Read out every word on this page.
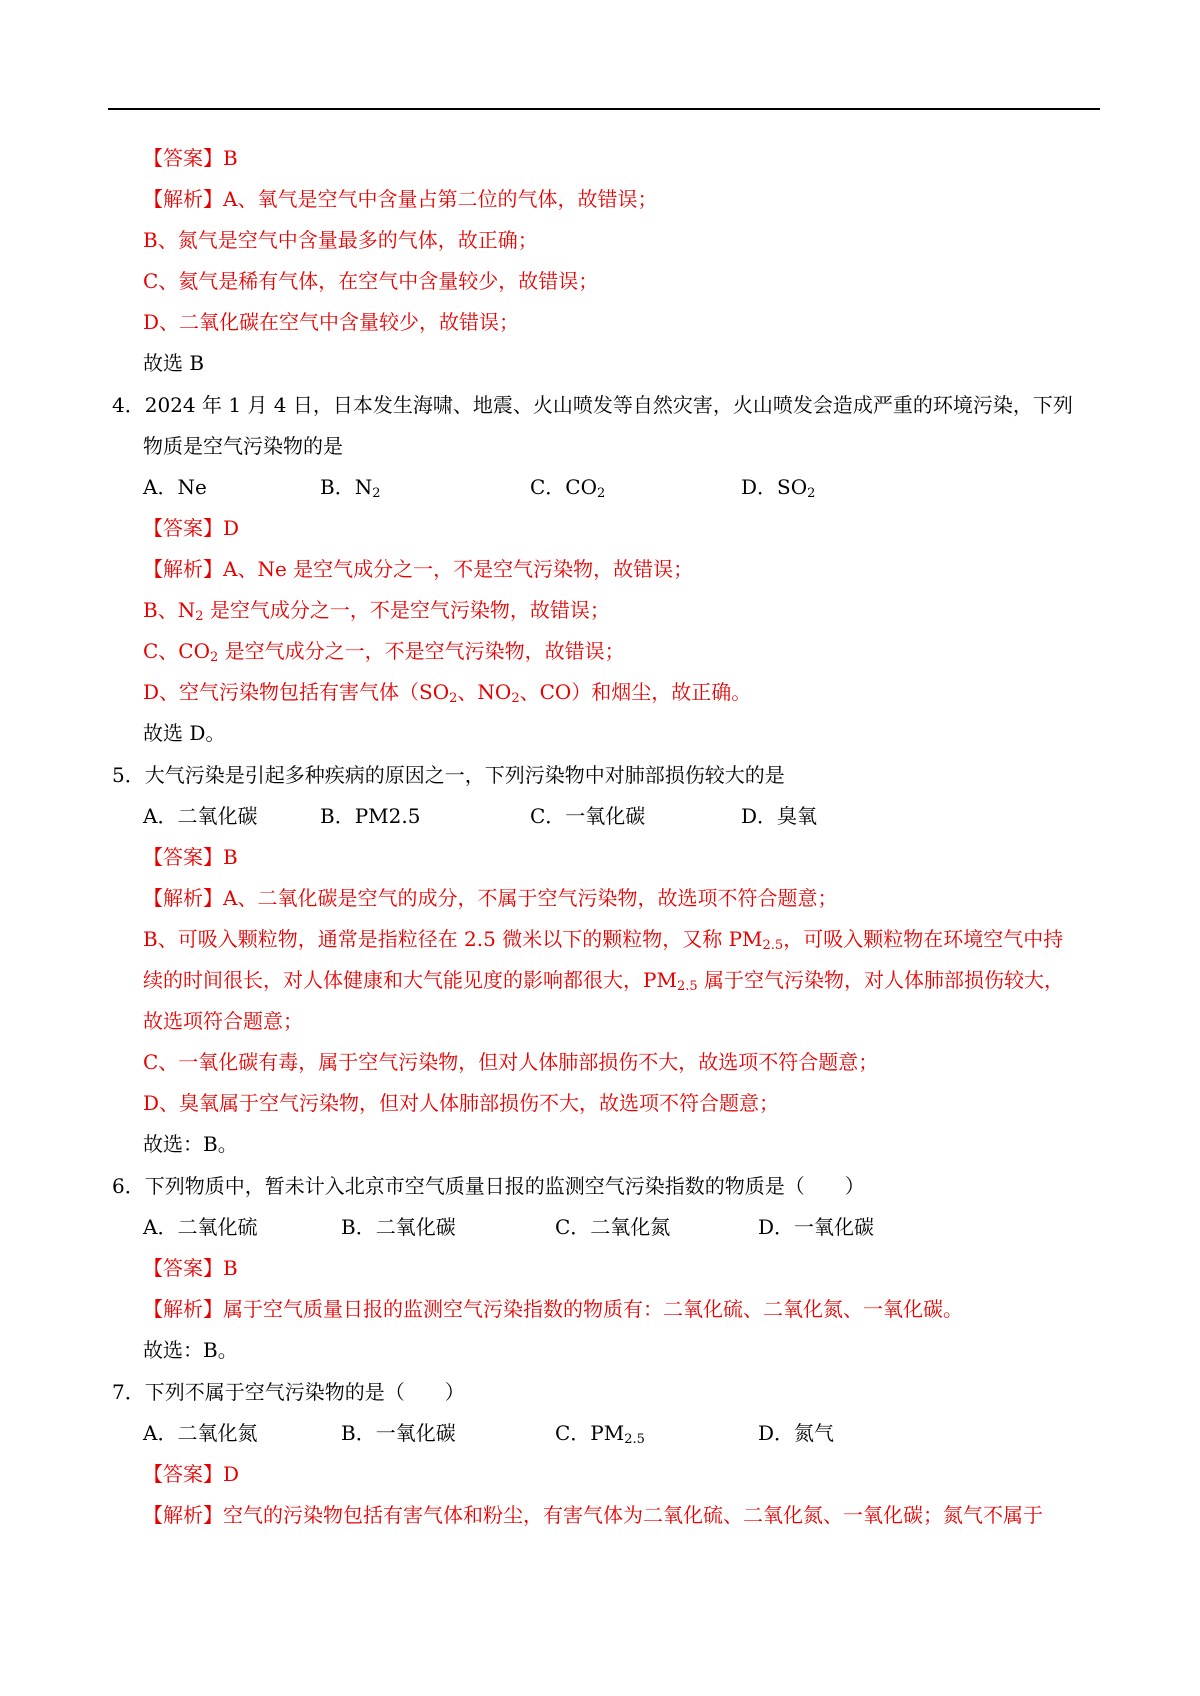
【答案】B
【解析】A、氧气是空气中含量占第二位的气体，故错误；
B、氮气是空气中含量最多的气体，故正确；
C、氦气是稀有气体，在空气中含量较少，故错误；
D、二氧化碳在空气中含量较少，故错误；
故选 B
4．2024 年 1 月 4 日，日本发生海啸、地震、火山喷发等自然灾害，火山喷发会造成严重的环境污染，下列
物质是空气污染物的是
A．Ne	B．$N_2$	C．$CO_2$	D．$SO_2$
【答案】D
【解析】A、Ne 是空气成分之一，不是空气污染物，故错误；
B、$N_2$ 是空气成分之一，不是空气污染物，故错误；
C、$CO_2$ 是空气成分之一，不是空气污染物，故错误；
D、空气污染物包括有害气体（$SO_2$、$NO_2$、CO）和烟尘，故正确。
故选 D。
5．大气污染是引起多种疾病的原因之一，下列污染物中对肺部损伤较大的是
A．二氧化碳	B．PM2.5	C．一氧化碳	D．臭氧
【答案】B
【解析】A、二氧化碳是空气的成分，不属于空气污染物，故选项不符合题意；
B、可吸入颗粒物，通常是指粒径在 2.5 微米以下的颗粒物，又称 $PM_{2.5}$，可吸入颗粒物在环境空气中持
续的时间很长，对人体健康和大气能见度的影响都很大，$PM_{2.5}$ 属于空气污染物，对人体肺部损伤较大，
故选项符合题意；
C、一氧化碳有毒，属于空气污染物，但对人体肺部损伤不大，故选项不符合题意；
D、臭氧属于空气污染物，但对人体肺部损伤不大，故选项不符合题意；
故选：B。
6．下列物质中，暂未计入北京市空气质量日报的监测空气污染指数的物质是（　　）
A．二氧化硫	B．二氧化碳	C．二氧化氮	D．一氧化碳
【答案】B
【解析】属于空气质量日报的监测空气污染指数的物质有：二氧化硫、二氧化氮、一氧化碳。
故选：B。
7．下列不属于空气污染物的是（　　）
A．二氧化氮	B．一氧化碳	C．$PM_{2.5}$	D．氮气
【答案】D
【解析】空气的污染物包括有害气体和粉尘，有害气体为二氧化硫、二氧化氮、一氧化碳；氮气不属于
